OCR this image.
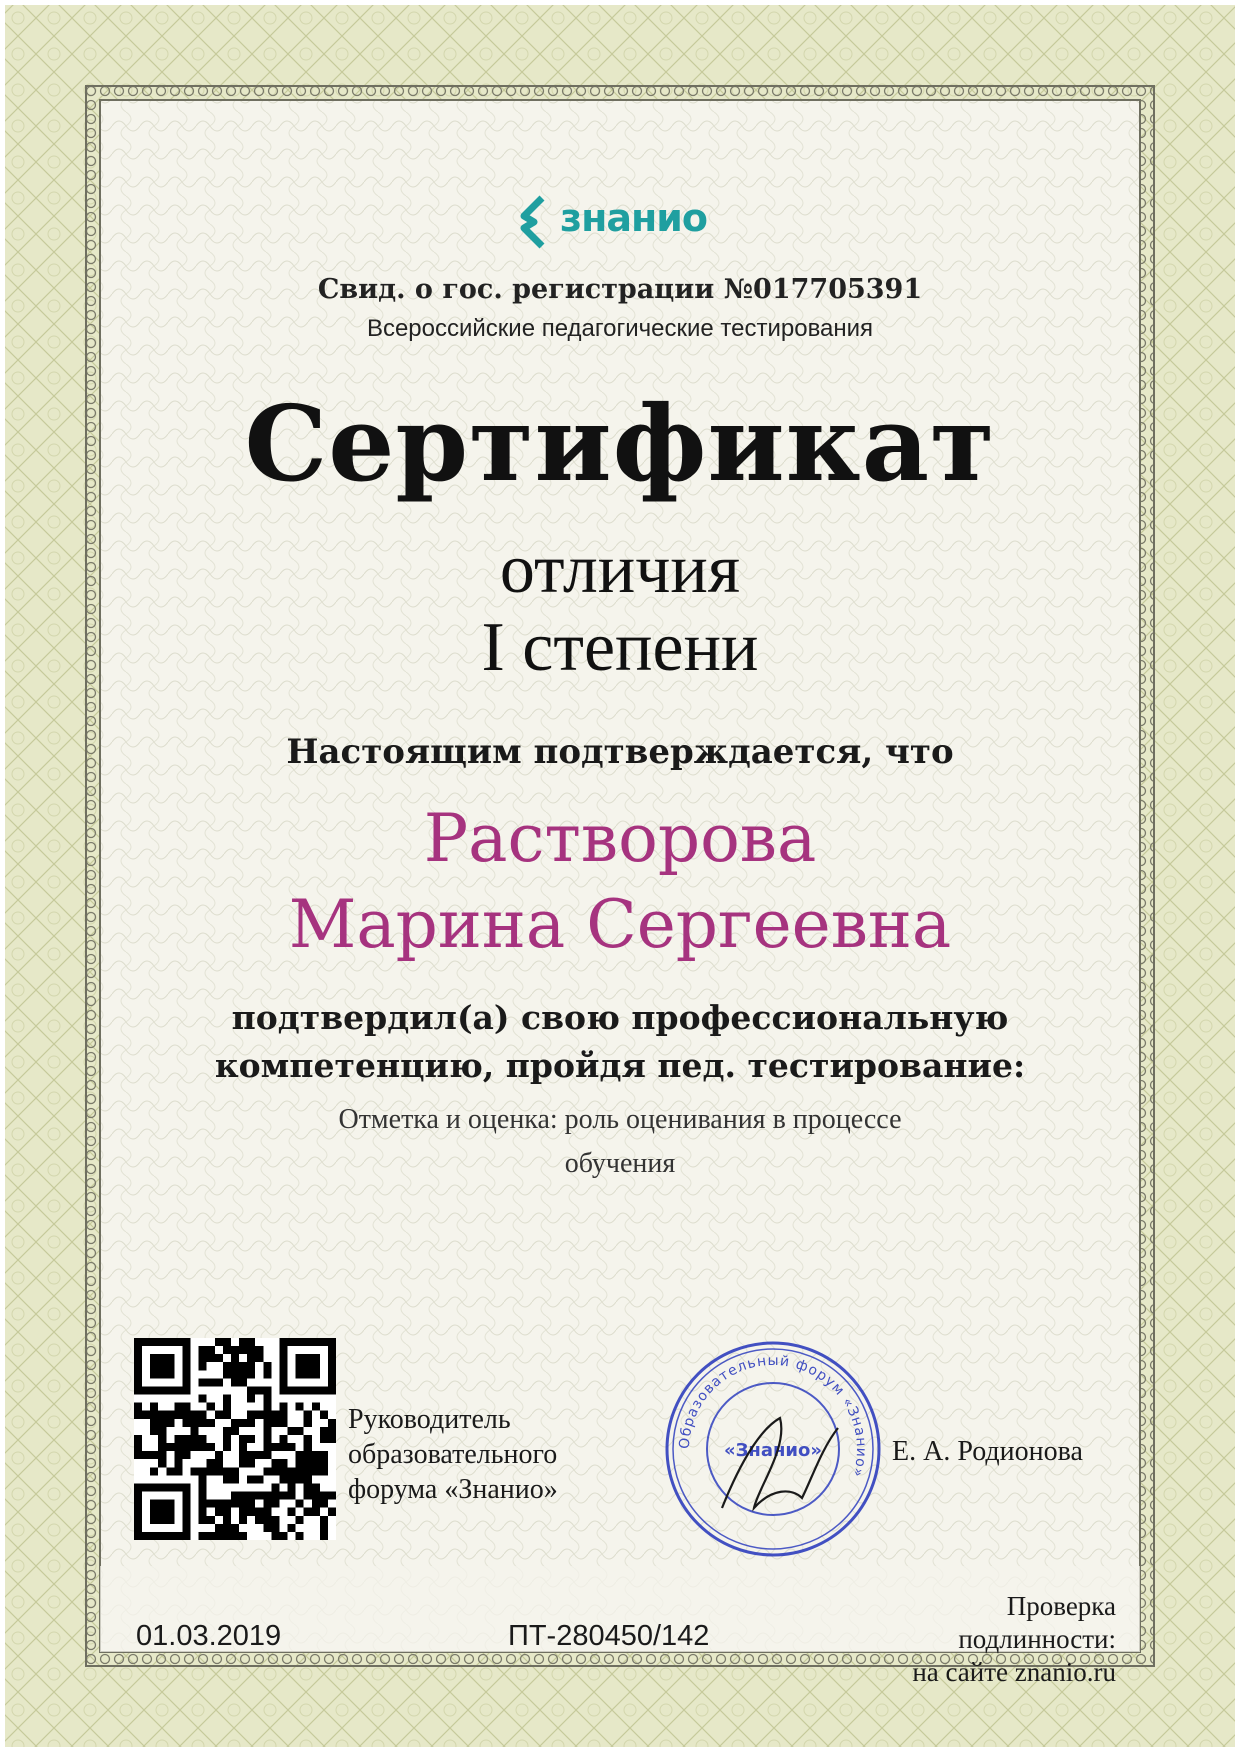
знанио
Свид. о гос. регистрации №017705391
Всероссийские педагогические тестирования
Сертификат
отличия
I степени
Настоящим подтверждается, что
Растворова
Марина Сергеевна
подтвердил(а) свою профессиональную
компетенцию, пройдя пед. тестирование:
Отметка и оценка: роль оценивания в процессе
обучения
Руководитель
образовательного
форума «Знанио»
Образовательный форум «Знанио»
«Знанио» Е. А. Родионова
01.03.2019	ПТ-280450/142
Проверка
подлинности:
на сайте znanio.ru
